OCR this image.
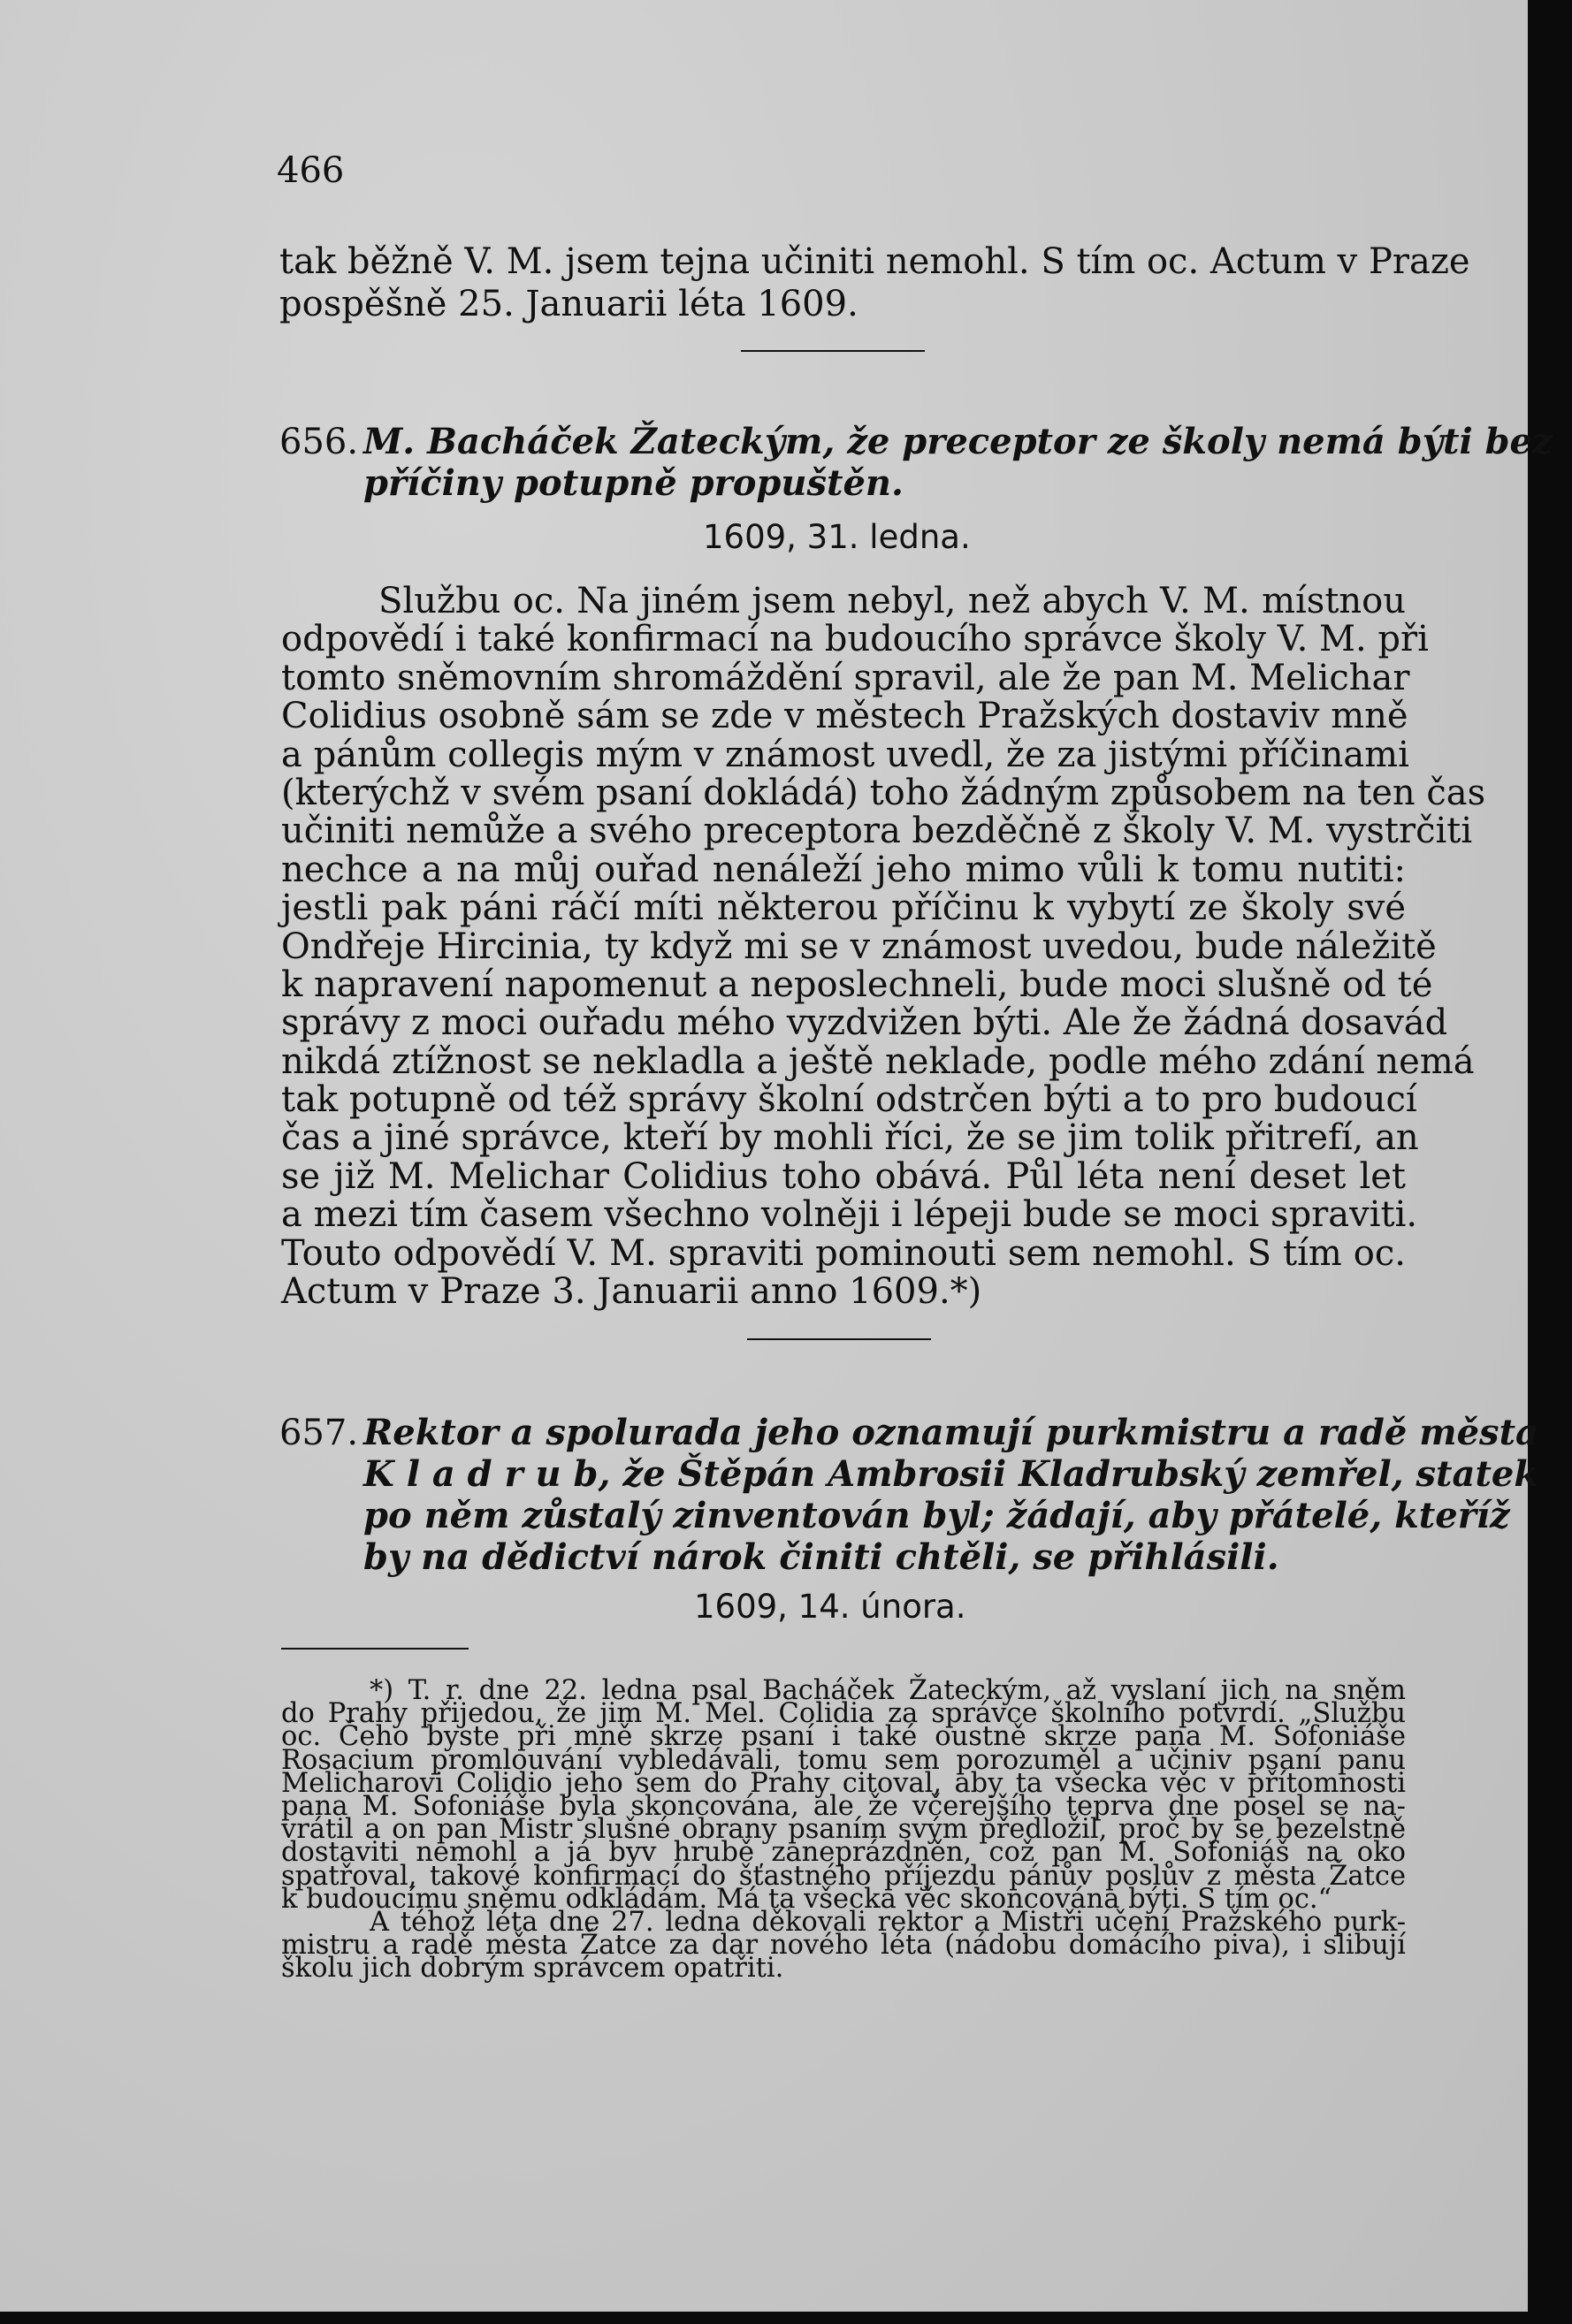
466
tak běžně V. M. jsem tejna učiniti nemohl. S tím oc. Actum v Praze
pospěšně 25. Januarii léta 1609.
656. M. Bacháček Žateckým, že preceptor ze školy nemá býti bez
příčiny potupně propuštěn.
1609, 31. ledna.
Službu oc. Na jiném jsem nebyl, než abych V. M. místnou
odpovědí i také konfirmací na budoucího správce školy V. M. při
tomto sněmovním shromáždění spravil, ale že pan M. Melichar
Colidius osobně sám se zde v městech Pražských dostaviv mně
a pánům collegis mým v známost uvedl, že za jistými příčinami
(kterýchž v svém psaní dokládá) toho žádným způsobem na ten čas
učiniti nemůže a svého preceptora bezděčně z školy V. M. vystrčiti
nechce a na můj ouřad nenáleží jeho mimo vůli k tomu nutiti:
jestli pak páni ráčí míti některou příčinu k vybytí ze školy své
Ondřeje Hircinia, ty když mi se v známost uvedou, bude náležitě
k napravení napomenut a neposlechneli, bude moci slušně od té
správy z moci ouřadu mého vyzdvižen býti. Ale že žádná dosavád
nikdá ztížnost se nekladla a ještě neklade, podle mého zdání nemá
tak potupně od též správy školní odstrčen býti a to pro budoucí
čas a jiné správce, kteří by mohli říci, že se jim tolik přitrefí, an
se již M. Melichar Colidius toho obává. Půl léta není deset let
a mezi tím časem všechno volněji i lépeji bude se moci spraviti.
Touto odpovědí V. M. spraviti pominouti sem nemohl. S tím oc.
Actum v Praze 3. Januarii anno 1609.*)
657. Rektor a spolurada jeho oznamují purkmistru a radě města
K l a d r u b, že Štěpán Ambrosii Kladrubský zemřel, statek
po něm zůstalý zinventován byl; žádají, aby přátelé, kteříž
by na dědictví nárok činiti chtěli, se přihlásili.
1609, 14. února.
*) T. r. dne 22. ledna psal Bacháček Žateckým, až vyslaní jich na sněm
do Prahy přijedou, že jim M. Mel. Colidia za správce školního potvrdí. „Službu
oc. Čeho byste při mně skrze psaní i také oustně skrze pana M. Sofoniáše
Rosacium promlouvání vybledávali, tomu sem porozuměl a učiniv psaní panu
Melicharovi Colidio jeho sem do Prahy citoval, aby ta všecka věc v přítomnosti
pana M. Sofoniáše byla skoncována, ale že včerejšího teprva dne posel se na-
vrátil a on pan Mistr slušné obrany psaním svým předložil, proč by se bezelstně
dostaviti nemohl a já byv hrubě zaneprázdněn, což pan M. Sofoniáš na oko
spatřoval, takové konfirmací do šťastného příjezdu pánův poslův z města Žatce
k budoucímu sněmu odkládám. Má ta všecka věc skoncována býti. S tím oc.“
A téhož léta dne 27. ledna děkovali rektor a Mistři učení Pražského purk-
mistru a radě města Žatce za dar nového léta (nádobu domácího piva), i slibují
školu jich dobrým správcem opatřiti.
